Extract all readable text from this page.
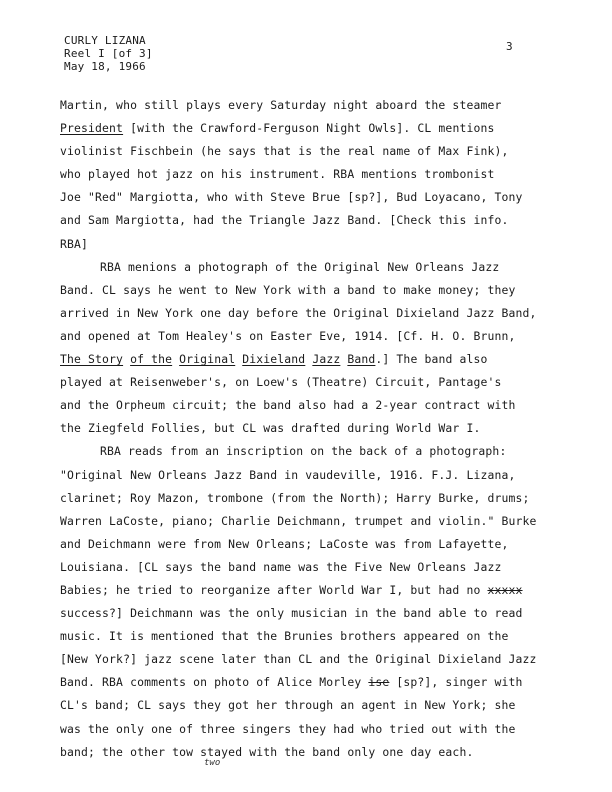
CURLY LIZANA
Reel I [of 3]
May 18, 1966
3
Martin, who still plays every Saturday night aboard the steamer
President [with the Crawford-Ferguson Night Owls]. CL mentions
violinist Fischbein (he says that is the real name of Max Fink),
who played hot jazz on his instrument. RBA mentions trombonist
Joe "Red" Margiotta, who with Steve Brue [sp?], Bud Loyacano, Tony
and Sam Margiotta, had the Triangle Jazz Band. [Check this info.
RBA]
RBA menions a photograph of the Original New Orleans Jazz
Band. CL says he went to New York with a band to make money; they
arrived in New York one day before the Original Dixieland Jazz Band,
and opened at Tom Healey's on Easter Eve, 1914. [Cf. H. O. Brunn,
The Story of the Original Dixieland Jazz Band.] The band also
played at Reisenweber's, on Loew's (Theatre) Circuit, Pantage's
and the Orpheum circuit; the band also had a 2-year contract with
the Ziegfeld Follies, but CL was drafted during World War I.
RBA reads from an inscription on the back of a photograph:
"Original New Orleans Jazz Band in vaudeville, 1916. F.J. Lizana,
clarinet; Roy Mazon, trombone (from the North); Harry Burke, drums;
Warren LaCoste, piano; Charlie Deichmann, trumpet and violin." Burke
and Deichmann were from New Orleans; LaCoste was from Lafayette,
Louisiana. [CL says the band name was the Five New Orleans Jazz
Babies; he tried to reorganize after World War I, but had no xxxxx
success?] Deichmann was the only musician in the band able to read
music. It is mentioned that the Brunies brothers appeared on the
[New York?] jazz scene later than CL and the Original Dixieland Jazz
Band. RBA comments on photo of Alice Morley ise [sp?], singer with
CL's band; CL says they got her through an agent in New York; she
was the only one of three singers they had who tried out with the
band; the other tow stayed with the band only one day each.
two
